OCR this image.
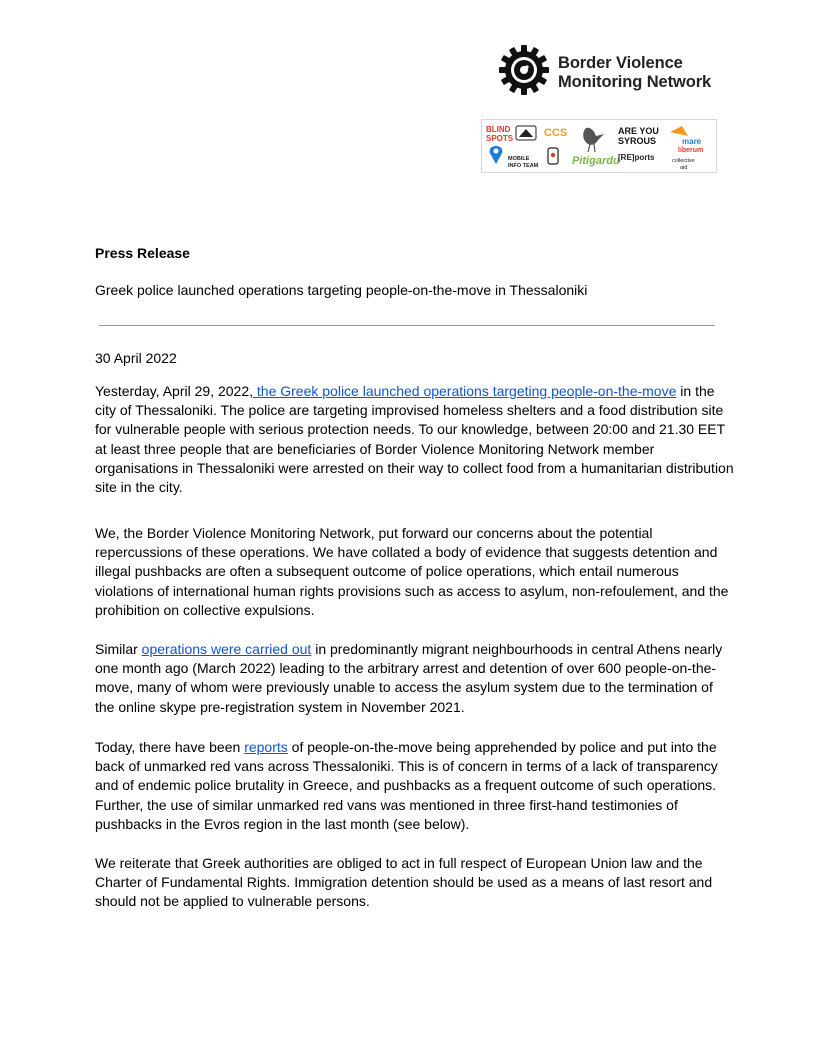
Border Violence
Monitoring Network
BLIND
SPOTS
MOBILE
INFO TEAM
CCS
Pitigardu
ARE YOU
SYROUS
[RE]ports
mare
liberum
collective
aid
Press Release
Greek police launched operations targeting people-on-the-move in Thessaloniki
30 April 2022

Yesterday, April 29, 2022, the Greek police launched operations targeting people-on-the-move in the city of Thessaloniki. The police are targeting improvised homeless shelters and a food distribution site for vulnerable people with serious protection needs. To our knowledge, between 20:00 and 21.30 EET at least three people that are beneficiaries of Border Violence Monitoring Network member organisations in Thessaloniki were arrested on their way to collect food from a humanitarian distribution site in the city.

We, the Border Violence Monitoring Network, put forward our concerns about the potential repercussions of these operations. We have collated a body of evidence that suggests detention and illegal pushbacks are often a subsequent outcome of police operations, which entail numerous violations of international human rights provisions such as access to asylum, non-refoulement, and the prohibition on collective expulsions.

Similar operations were carried out in predominantly migrant neighbourhoods in central Athens nearly one month ago (March 2022) leading to the arbitrary arrest and detention of over 600 people-on-the-move, many of whom were previously unable to access the asylum system due to the termination of the online skype pre-registration system in November 2021.

Today, there have been reports of people-on-the-move being apprehended by police and put into the back of unmarked red vans across Thessaloniki. This is of concern in terms of a lack of transparency and of endemic police brutality in Greece, and pushbacks as a frequent outcome of such operations. Further, the use of similar unmarked red vans was mentioned in three first-hand testimonies of pushbacks in the Evros region in the last month (see below).

We reiterate that Greek authorities are obliged to act in full respect of European Union law and the Charter of Fundamental Rights. Immigration detention should be used as a means of last resort and should not be applied to vulnerable persons.
